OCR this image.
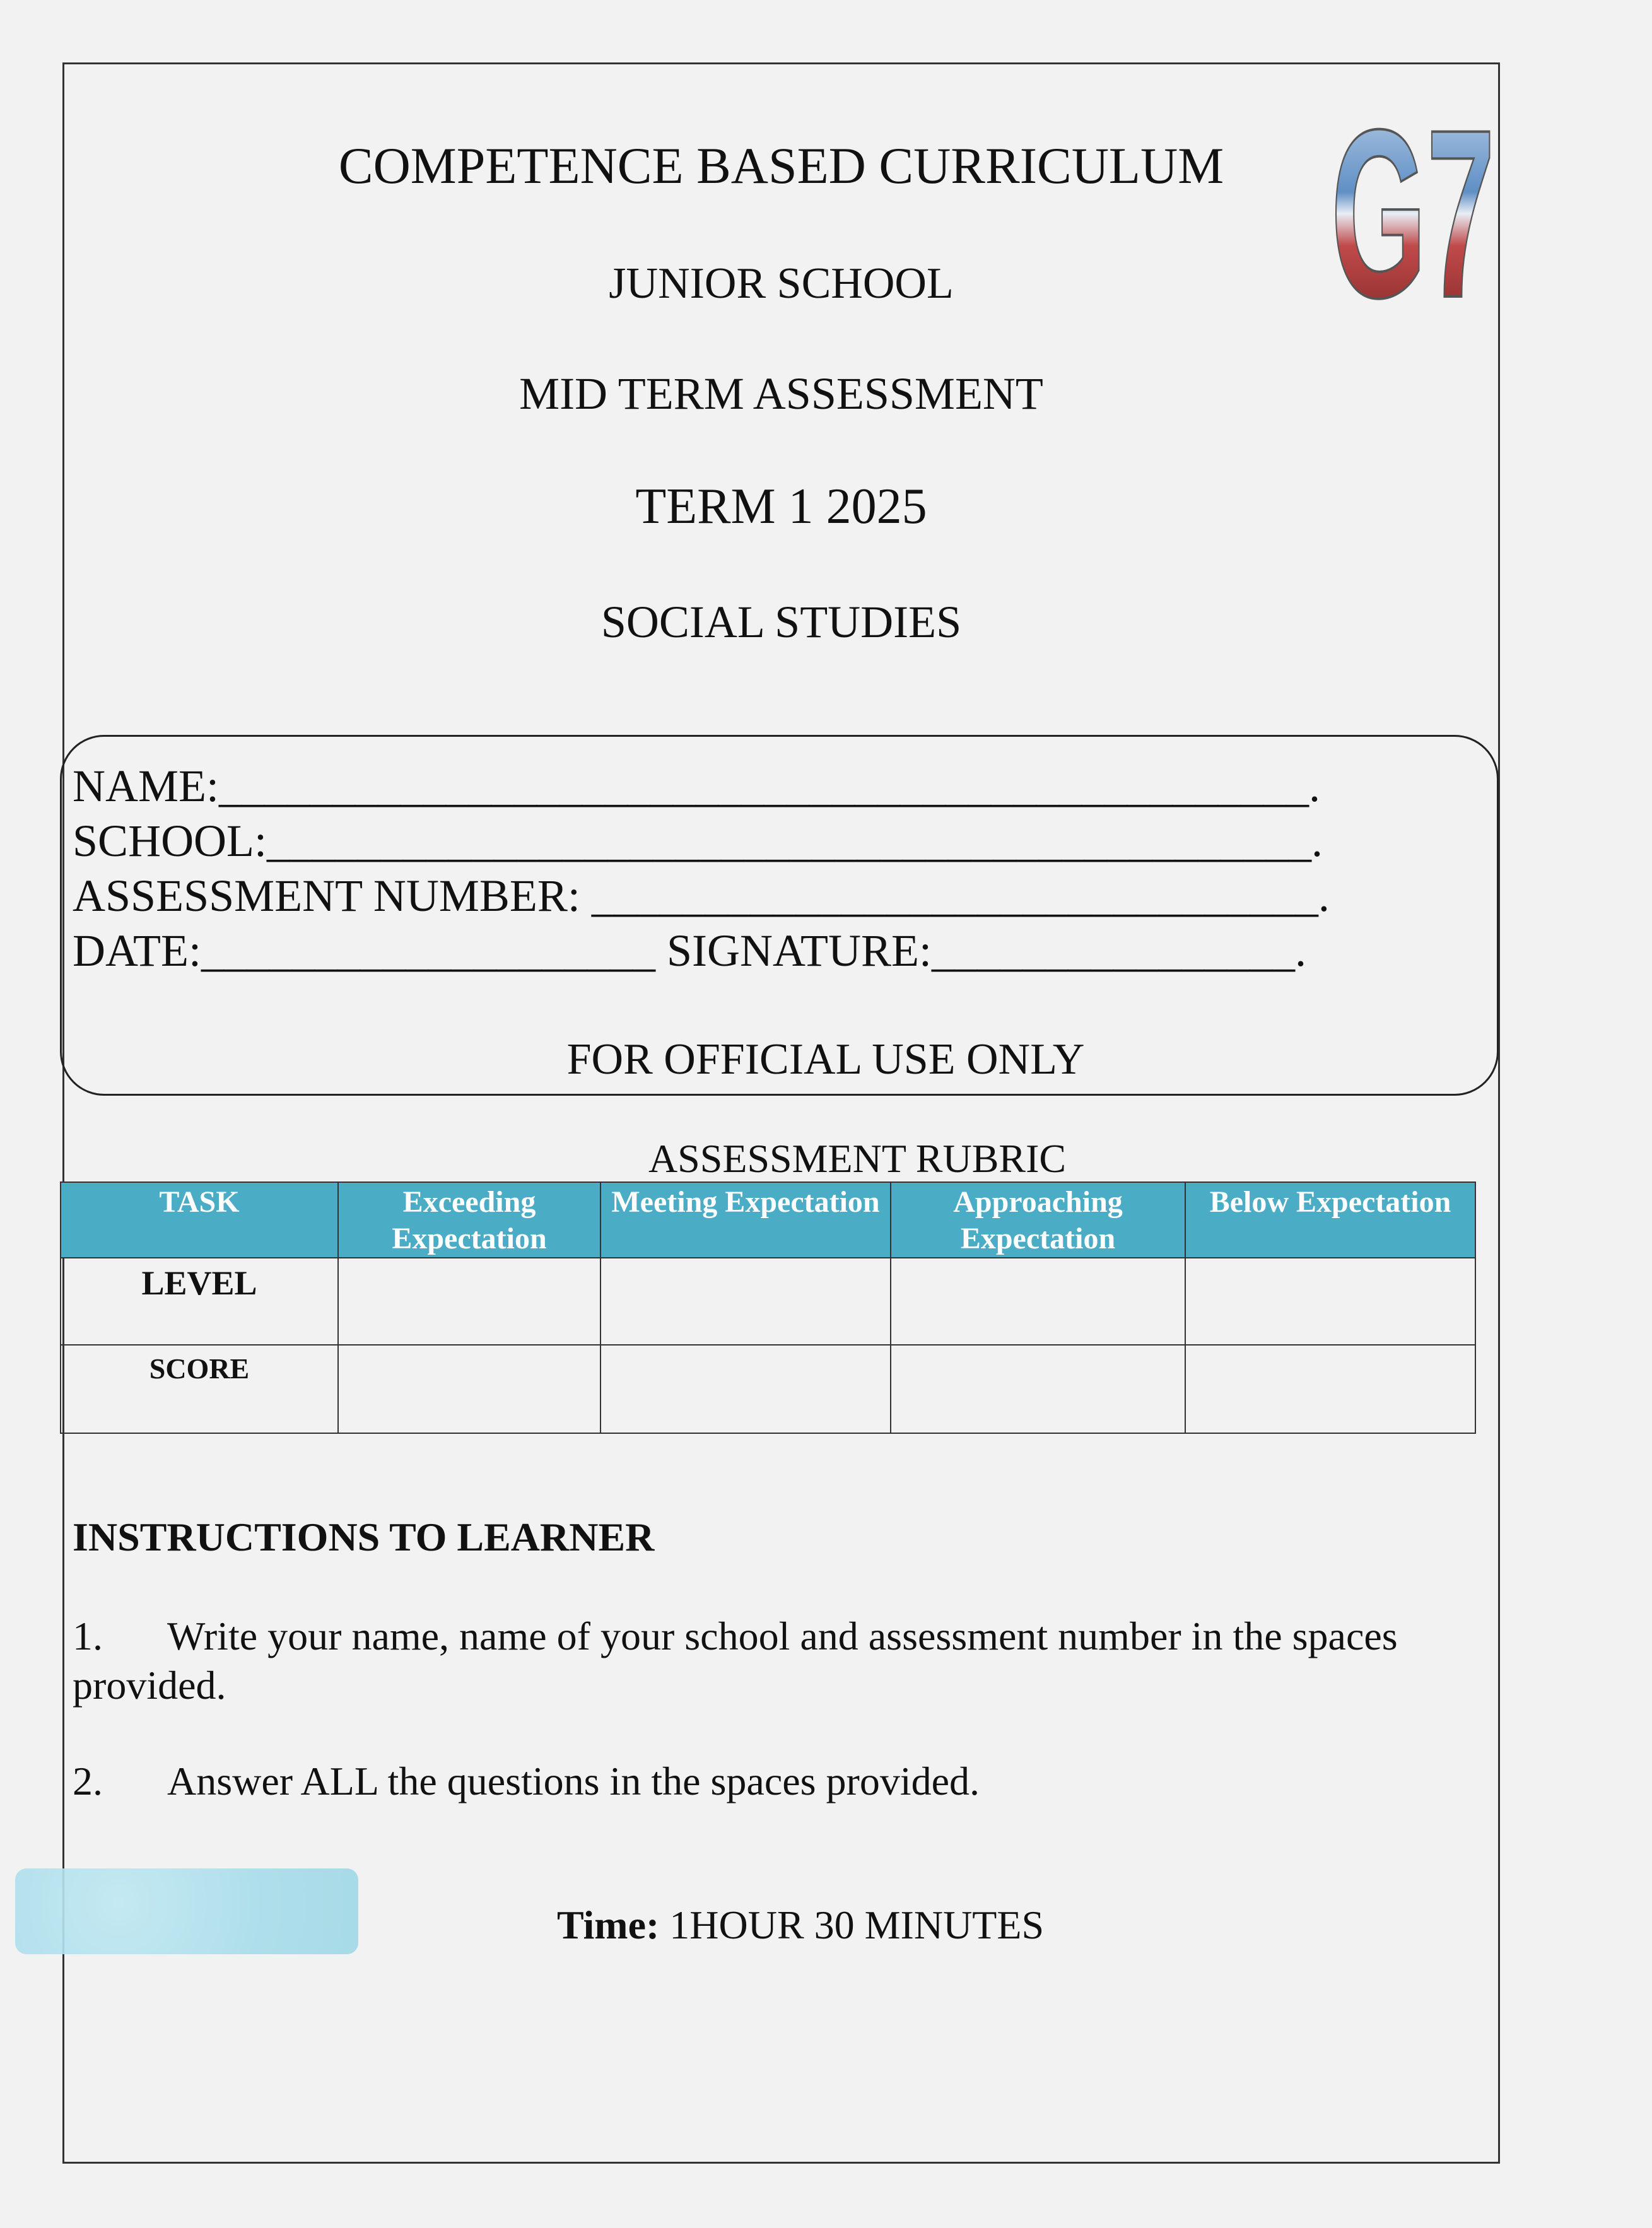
G7
COMPETENCE BASED CURRICULUM
JUNIOR SCHOOL
MID TERM ASSESSMENT
TERM 1 2025
SOCIAL STUDIES
NAME:________________________________________________.
SCHOOL:______________________________________________.
ASSESSMENT NUMBER: ________________________________.
DATE:____________________ SIGNATURE:________________.
FOR OFFICIAL USE ONLY
ASSESSMENT RUBRIC
TASK	Exceeding Expectation	Meeting Expectation	Approaching Expectation	Below Expectation
LEVEL				
SCORE				
INSTRUCTIONS TO LEARNER
1. Write your name, name of your school and assessment number in the spaces provided.
2. Answer ALL the questions in the spaces provided.
Time: 1HOUR 30 MINUTES
